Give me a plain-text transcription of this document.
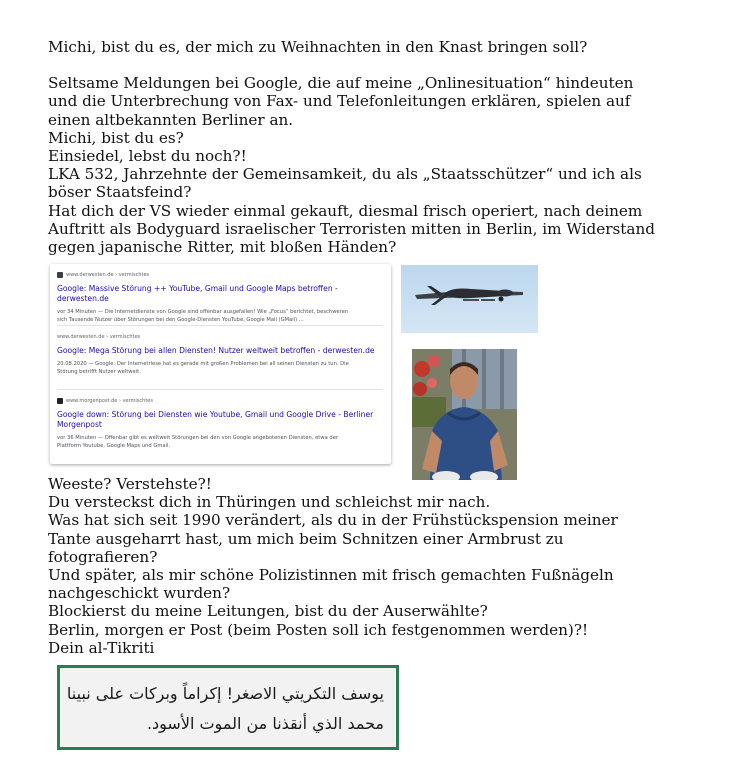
Michi, bist du es, der mich zu Weihnachten in den Knast bringen soll?

Seltsame Meldungen bei Google, die auf meine „Onlinesituation“ hindeuten

und die Unterbrechung von Fax- und Telefonleitungen erklären, spielen auf

einen altbekannten Berliner an.

Michi, bist du es?

Einsiedel, lebst du noch?!

LKA 532, Jahrzehnte der Gemeinsamkeit, du als „Staatsschützer“ und ich als

böser Staatsfeind?

Hat dich der VS wieder einmal gekauft, diesmal frisch operiert, nach deinem

Auftritt als Bodyguard israelischer Terroristen mitten in Berlin, im Widerstand

gegen japanische Ritter, mit bloßen Händen?

www.derwesten.de › vermischtes
Google: Massive Störung ++ YouTube, Gmail und Google Maps betroffen - derwesten.de
vor 34 Minuten — Die Internetdienste von Google sind offenbar ausgefallen! Wie „Focus“ berichtet, beschweren
sich Tausende Nutzer über Störungen bei den Google-Diensten YouTube, Google Mail (GMail) ...
www.derwesten.de › vermischtes
Google: Mega Störung bei allen Diensten! Nutzer weltweit betroffen - derwesten.de
20.08.2020 — Google: Der Internetriese hat es gerade mit großen Problemen bei all seinen Diensten zu tun. Die
Störung betrifft Nutzer weltweit.
www.morgenpost.de › vermischtes
Google down: Störung bei Diensten wie Youtube, Gmail und Google Drive - Berliner
Morgenpost
vor 36 Minuten — Offenbar gibt es weltweit Störungen bei den von Google angebotenen Diensten, etwa der
Plattform Youtube, Google Maps und Gmail.

Weeste? Verstehste?!

Du versteckst dich in Thüringen und schleichst mir nach.

Was hat sich seit 1990 verändert, als du in der Frühstückspension meiner

Tante ausgeharrt hast, um mich beim Schnitzen einer Armbrust zu

fotografieren?

Und später, als mir schöne Polizistinnen mit frisch gemachten Fußnägeln

nachgeschickt wurden?

Blockierst du meine Leitungen, bist du der Auserwählte?

Berlin, morgen er Post (beim Posten soll ich festgenommen werden)?!

Dein al-Tikriti

يوسف التكريتي الاصغر! إكراماً وبركات على نبينا
محمد الذي أنقذنا من الموت الأسود.
